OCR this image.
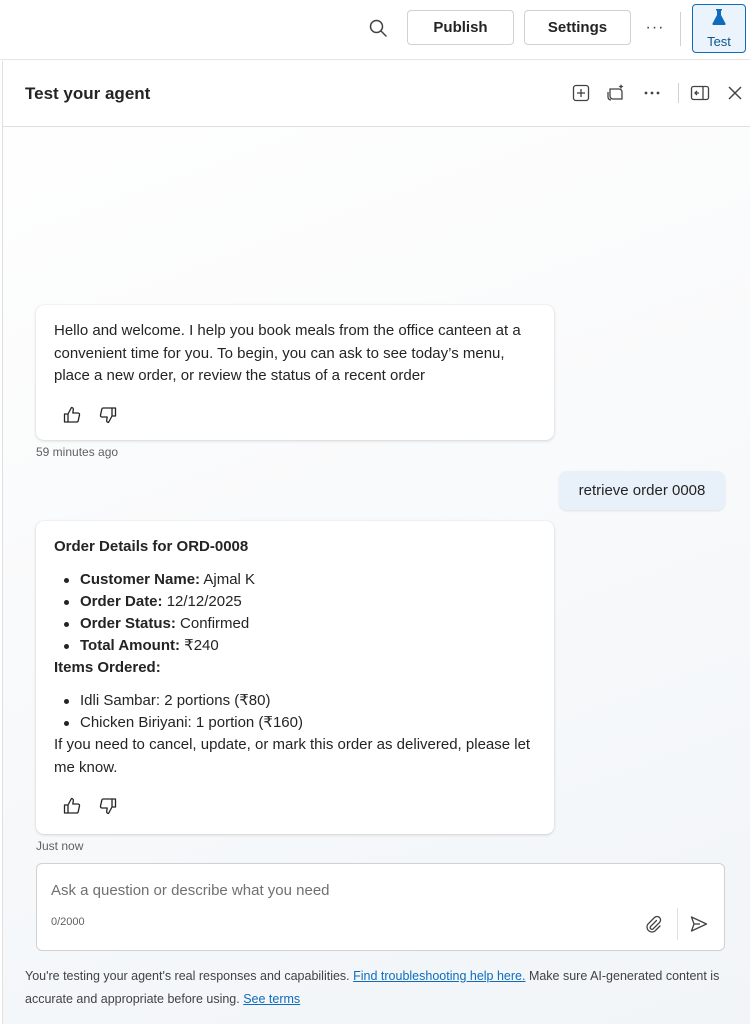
Publish	Settings	···
Test
Test your agent
Hello and welcome. I help you book meals from the office canteen at a convenient time for you. To begin, you can ask to see today’s menu, place a new order, or review the status of a recent order
59 minutes ago
retrieve order 0008
Order Details for ORD-0008
Customer Name: Ajmal K
Order Date: 12/12/2025
Order Status: Confirmed
Total Amount: ₹240
Items Ordered:
Idli Sambar: 2 portions (₹80)
Chicken Biriyani: 1 portion (₹160)
If you need to cancel, update, or mark this order as delivered, please let me know.
Just now
Ask a question or describe what you need
0/2000
You're testing your agent's real responses and capabilities. Find troubleshooting help here. Make sure AI-generated content is accurate and appropriate before using. See terms
